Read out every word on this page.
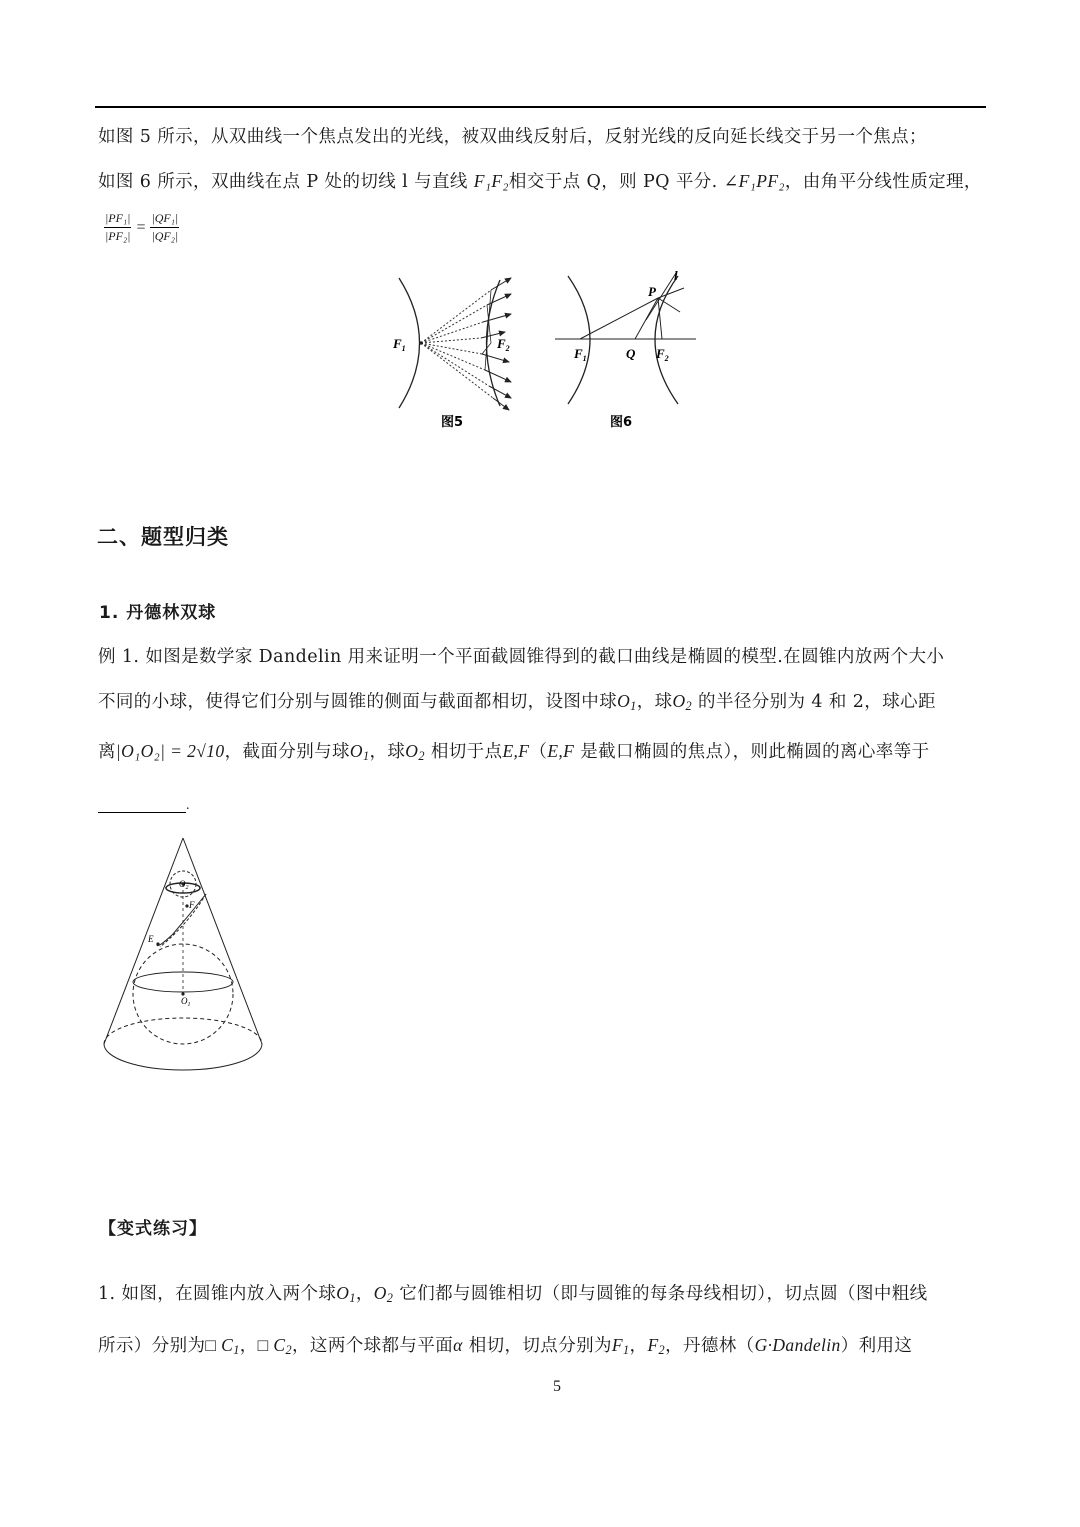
如图 5 所示，从双曲线一个焦点发出的光线，被双曲线反射后，反射光线的反向延长线交于另一个焦点；
如图 6 所示，双曲线在点 P 处的切线 l 与直线 F₁F₂相交于点 Q，则 PQ 平分. ∠F₁PF₂，由角平分线性质定理，
$\frac{\text{|PF₁|}}{\text{|PF₂|}} = \frac{\text{|QF₁|}}{\text{|QF₂|}}$
$F_1$	$F_2$
图5
$F_1$	Q $F_2$
P
l
图6
二、题型归类
1. 丹德林双球
例 1. 如图是数学家 Dandelin 用来证明一个平面截圆锥得到的截口曲线是椭圆的模型.在圆锥内放两个大小
不同的小球，使得它们分别与圆锥的侧面与截面都相切，设图中球$O_1$，球$O_2$ 的半径分别为 4 和 2，球心距
离|O₁O₂| = 2√10，截面分别与球$O_1$，球$O_2$ 相切于点E,F（E,F 是截口椭圆的焦点），则此椭圆的离心率等于
.
$O_2$
F
E
$O_1$
【变式练习】
1. 如图，在圆锥内放入两个球$O_1$，$O_2$ 它们都与圆锥相切（即与圆锥的每条母线相切），切点圆（图中粗线
所示）分别为□ $C_1$，□ $C_2$，这两个球都与平面α 相切，切点分别为$F_1$，$F_2$，丹德林（G·Dandelin）利用这
5
